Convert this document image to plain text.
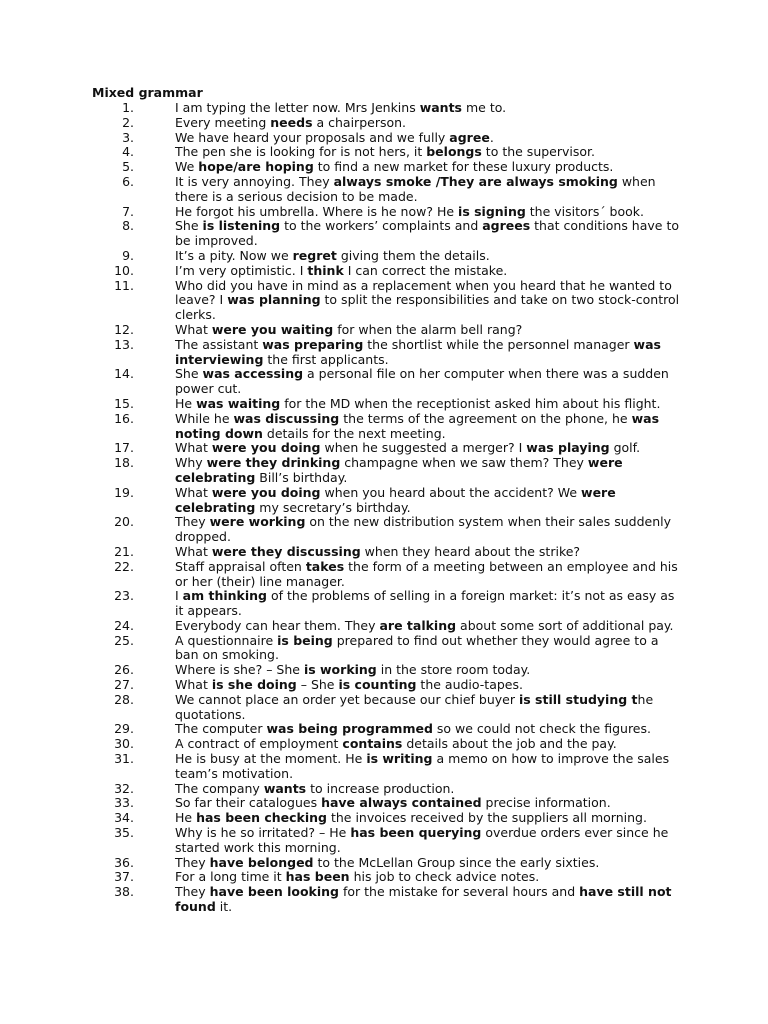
Mixed grammar
1.	I am typing the letter now. Mrs Jenkins wants me to.
2.	Every meeting needs a chairperson.
3.	We have heard your proposals and we fully agree.
4.	The pen she is looking for is not hers, it belongs to the supervisor.
5.	We hope/are hoping to find a new market for these luxury products.
6.	It is very annoying. They always smoke /They are always smoking when there is a serious decision to be made.
7.	He forgot his umbrella. Where is he now? He is signing the visitors´ book.
8.	She is listening to the workers’ complaints and agrees that conditions have to be improved.
9.	It’s a pity. Now we regret giving them the details.
10.	I’m very optimistic. I think I can correct the mistake.
11.	Who did you have in mind as a replacement when you heard that he wanted to leave? I was planning to split the responsibilities and take on two stock-control clerks.
12.	What were you waiting for when the alarm bell rang?
13.	The assistant was preparing the shortlist while the personnel manager was interviewing the first applicants.
14.	She was accessing a personal file on her computer when there was a sudden power cut.
15.	He was waiting for the MD when the receptionist asked him about his flight.
16.	While he was discussing the terms of the agreement on the phone, he was noting down details for the next meeting.
17.	What were you doing when he suggested a merger? I was playing golf.
18.	Why were they drinking champagne when we saw them? They were celebrating Bill’s birthday.
19.	What were you doing when you heard about the accident? We were celebrating my secretary’s birthday.
20.	They were working on the new distribution system when their sales suddenly dropped.
21.	What were they discussing when they heard about the strike?
22.	Staff appraisal often takes the form of a meeting between an employee and his or her (their) line manager.
23.	I am thinking of the problems of selling in a foreign market: it’s not as easy as it appears.
24.	Everybody can hear them. They are talking about some sort of additional pay.
25.	A questionnaire is being prepared to find out whether they would agree to a ban on smoking.
26.	Where is she? – She is working in the store room today.
27.	What is she doing – She is counting the audio-tapes.
28.	We cannot place an order yet because our chief buyer is still studying the quotations.
29.	The computer was being programmed so we could not check the figures.
30.	A contract of employment contains details about the job and the pay.
31.	He is busy at the moment. He is writing a memo on how to improve the sales team’s motivation.
32.	The company wants to increase production.
33.	So far their catalogues have always contained precise information.
34.	He has been checking the invoices received by the suppliers all morning.
35.	Why is he so irritated? – He has been querying overdue orders ever since he started work this morning.
36.	They have belonged to the McLellan Group since the early sixties.
37.	For a long time it has been his job to check advice notes.
38.	They have been looking for the mistake for several hours and have still not found it.
